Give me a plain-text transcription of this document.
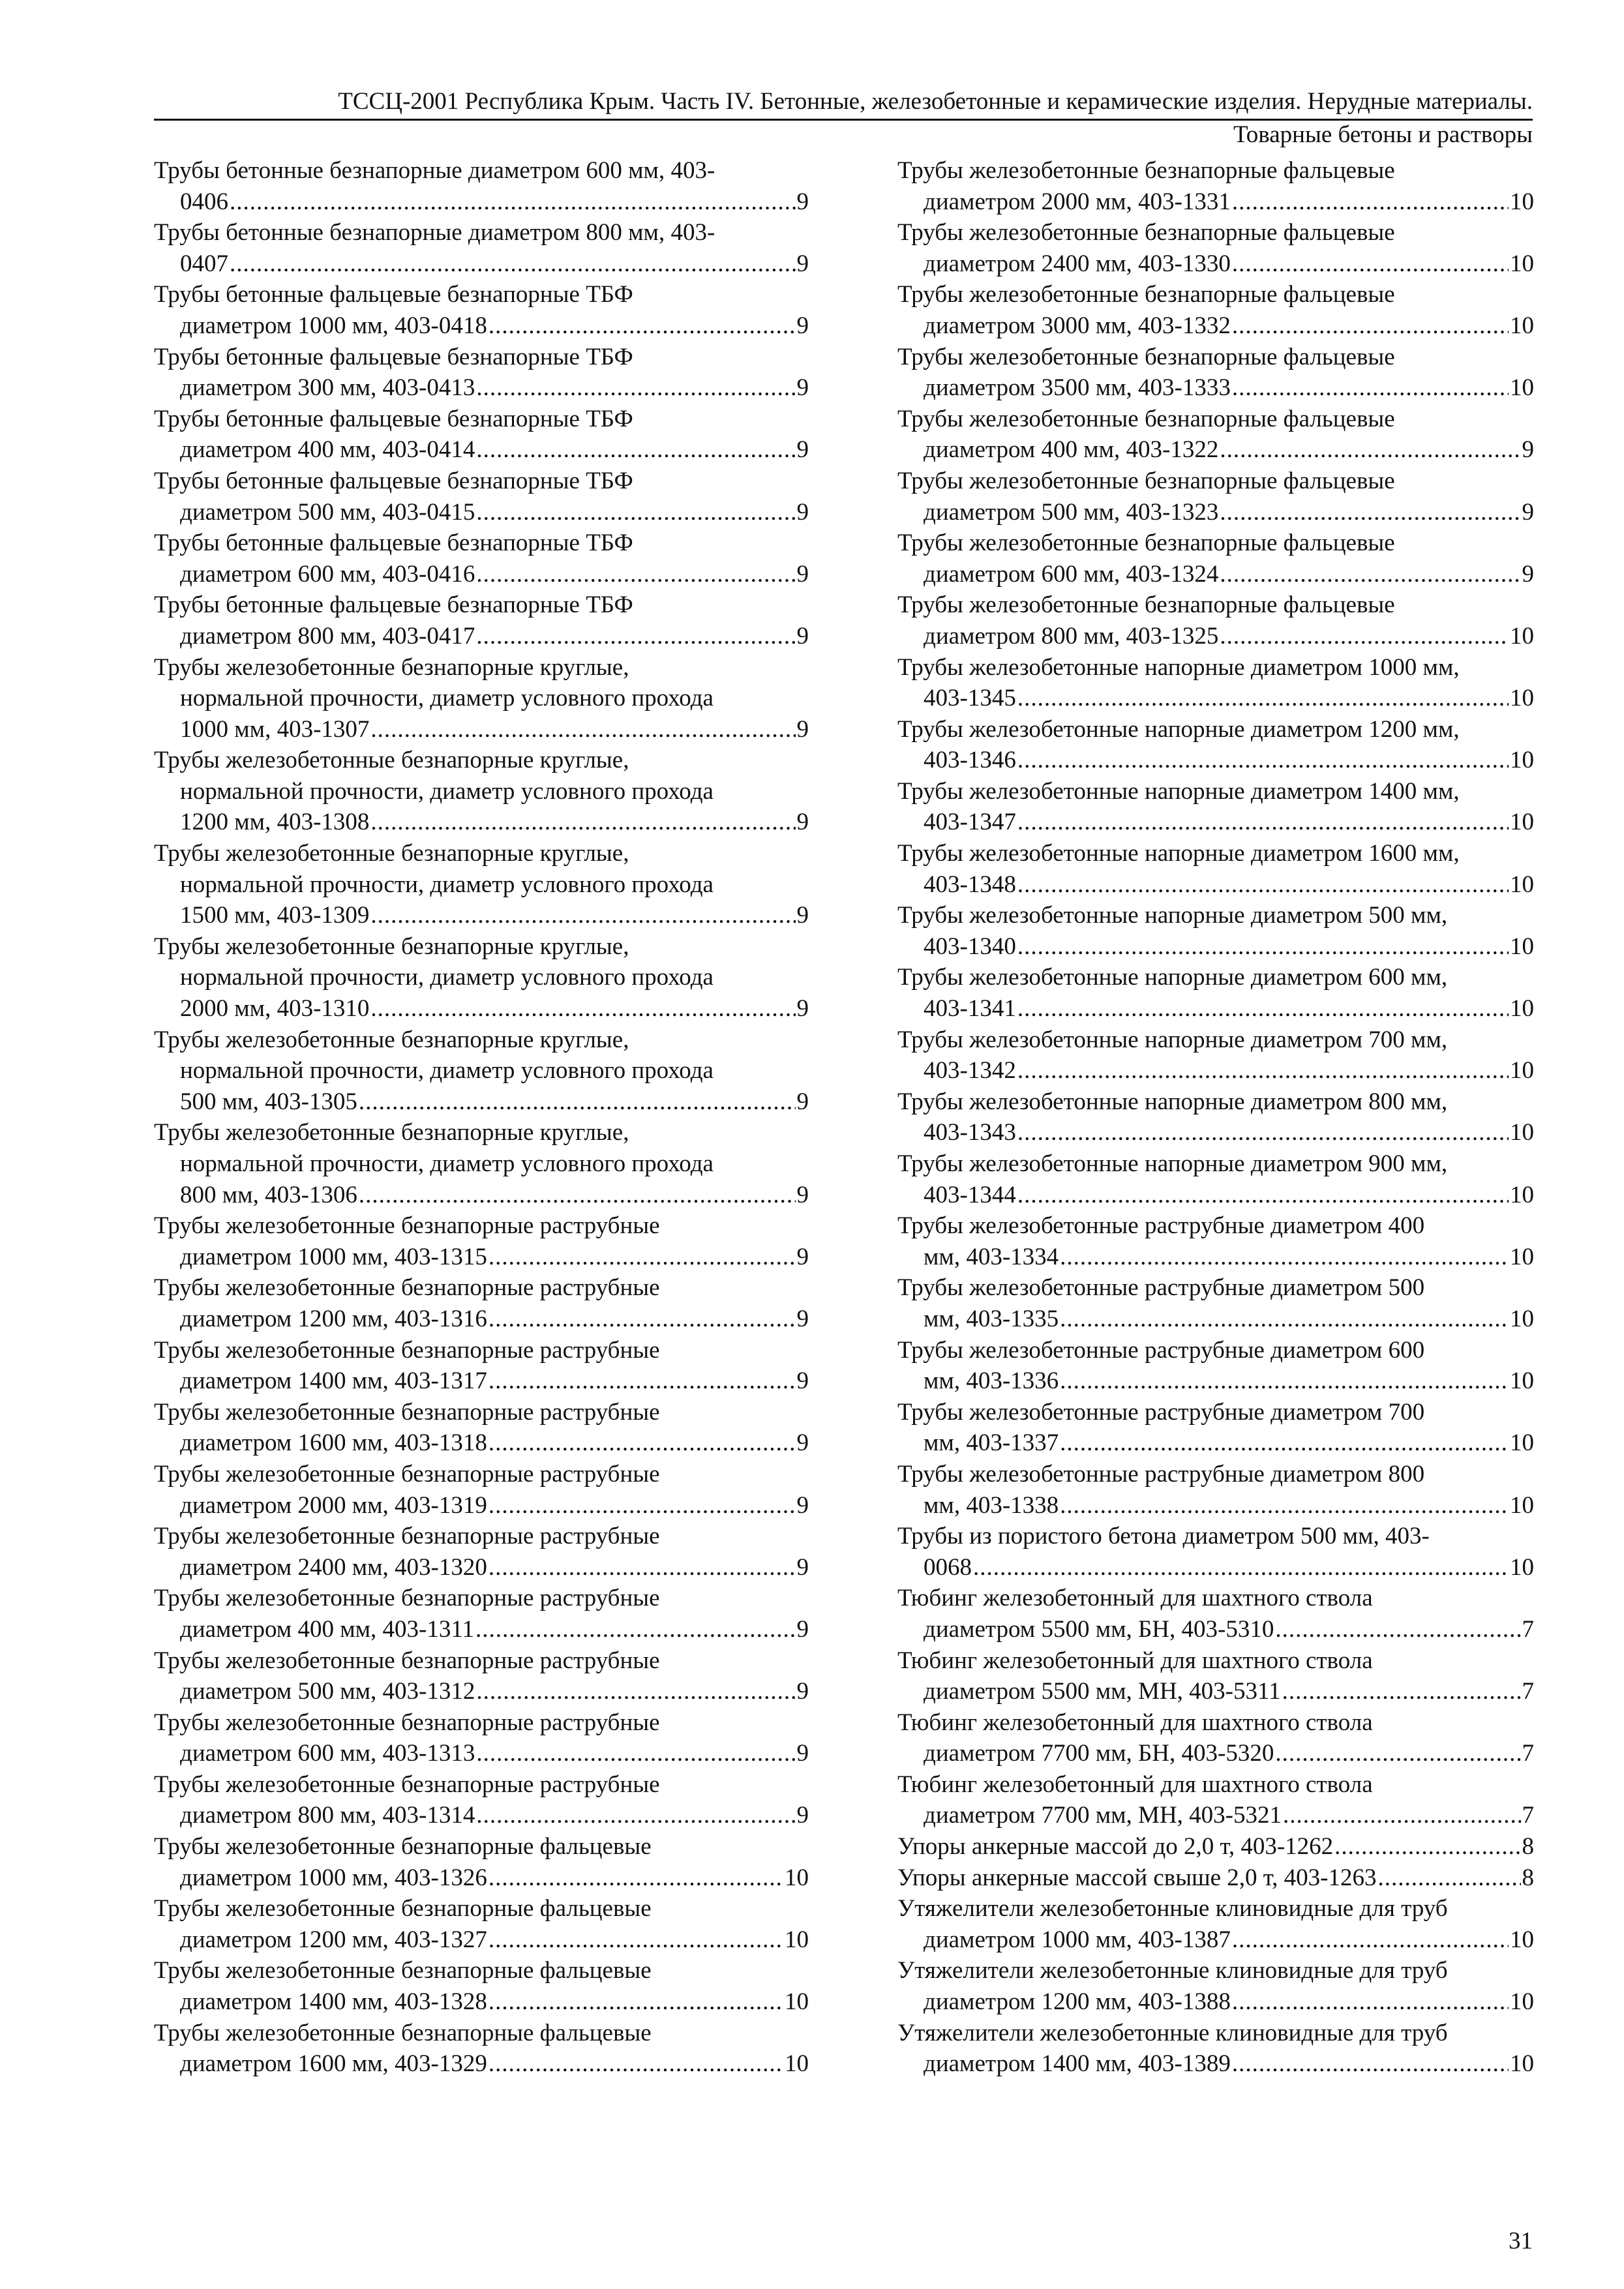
ТССЦ-2001 Республика Крым. Часть IV. Бетонные, железобетонные и керамические изделия. Нерудные материалы.
Товарные бетоны и растворы
Трубы бетонные безнапорные диаметром 600 мм, 403-
0406 .....	9
Трубы бетонные безнапорные диаметром 800 мм, 403-
0407 .....	9
Трубы бетонные фальцевые безнапорные ТБФ
диаметром 1000 мм, 403-0418 .....	9
Трубы бетонные фальцевые безнапорные ТБФ
диаметром 300 мм, 403-0413 .....	9
Трубы бетонные фальцевые безнапорные ТБФ
диаметром 400 мм, 403-0414 .....	9
Трубы бетонные фальцевые безнапорные ТБФ
диаметром 500 мм, 403-0415 .....	9
Трубы бетонные фальцевые безнапорные ТБФ
диаметром 600 мм, 403-0416 .....	9
Трубы бетонные фальцевые безнапорные ТБФ
диаметром 800 мм, 403-0417 .....	9
Трубы железобетонные безнапорные круглые,
нормальной прочности, диаметр условного прохода
1000 мм, 403-1307 .....	9
Трубы железобетонные безнапорные круглые,
нормальной прочности, диаметр условного прохода
1200 мм, 403-1308 .....	9
Трубы железобетонные безнапорные круглые,
нормальной прочности, диаметр условного прохода
1500 мм, 403-1309 .....	9
Трубы железобетонные безнапорные круглые,
нормальной прочности, диаметр условного прохода
2000 мм, 403-1310 .....	9
Трубы железобетонные безнапорные круглые,
нормальной прочности, диаметр условного прохода
500 мм, 403-1305 .....	9
Трубы железобетонные безнапорные круглые,
нормальной прочности, диаметр условного прохода
800 мм, 403-1306 .....	9
Трубы железобетонные безнапорные раструбные
диаметром 1000 мм, 403-1315 .....	9
Трубы железобетонные безнапорные раструбные
диаметром 1200 мм, 403-1316 .....	9
Трубы железобетонные безнапорные раструбные
диаметром 1400 мм, 403-1317 .....	9
Трубы железобетонные безнапорные раструбные
диаметром 1600 мм, 403-1318 .....	9
Трубы железобетонные безнапорные раструбные
диаметром 2000 мм, 403-1319 .....	9
Трубы железобетонные безнапорные раструбные
диаметром 2400 мм, 403-1320 .....	9
Трубы железобетонные безнапорные раструбные
диаметром 400 мм, 403-1311 .....	9
Трубы железобетонные безнапорные раструбные
диаметром 500 мм, 403-1312 .....	9
Трубы железобетонные безнапорные раструбные
диаметром 600 мм, 403-1313 .....	9
Трубы железобетонные безнапорные раструбные
диаметром 800 мм, 403-1314 .....	9
Трубы железобетонные безнапорные фальцевые
диаметром 1000 мм, 403-1326 .....	10
Трубы железобетонные безнапорные фальцевые
диаметром 1200 мм, 403-1327 .....	10
Трубы железобетонные безнапорные фальцевые
диаметром 1400 мм, 403-1328 .....	10
Трубы железобетонные безнапорные фальцевые
диаметром 1600 мм, 403-1329 .....	10
Трубы железобетонные безнапорные фальцевые
диаметром 2000 мм, 403-1331 .....	10
Трубы железобетонные безнапорные фальцевые
диаметром 2400 мм, 403-1330 .....	10
Трубы железобетонные безнапорные фальцевые
диаметром 3000 мм, 403-1332 .....	10
Трубы железобетонные безнапорные фальцевые
диаметром 3500 мм, 403-1333 .....	10
Трубы железобетонные безнапорные фальцевые
диаметром 400 мм, 403-1322 .....	9
Трубы железобетонные безнапорные фальцевые
диаметром 500 мм, 403-1323 .....	9
Трубы железобетонные безнапорные фальцевые
диаметром 600 мм, 403-1324 .....	9
Трубы железобетонные безнапорные фальцевые
диаметром 800 мм, 403-1325 .....	10
Трубы железобетонные напорные диаметром 1000 мм,
403-1345 .....	10
Трубы железобетонные напорные диаметром 1200 мм,
403-1346 .....	10
Трубы железобетонные напорные диаметром 1400 мм,
403-1347 .....	10
Трубы железобетонные напорные диаметром 1600 мм,
403-1348 .....	10
Трубы железобетонные напорные диаметром 500 мм,
403-1340 .....	10
Трубы железобетонные напорные диаметром 600 мм,
403-1341 .....	10
Трубы железобетонные напорные диаметром 700 мм,
403-1342 .....	10
Трубы железобетонные напорные диаметром 800 мм,
403-1343 .....	10
Трубы железобетонные напорные диаметром 900 мм,
403-1344 .....	10
Трубы железобетонные раструбные диаметром 400
мм, 403-1334 .....	10
Трубы железобетонные раструбные диаметром 500
мм, 403-1335 .....	10
Трубы железобетонные раструбные диаметром 600
мм, 403-1336 .....	10
Трубы железобетонные раструбные диаметром 700
мм, 403-1337 .....	10
Трубы железобетонные раструбные диаметром 800
мм, 403-1338 .....	10
Трубы из пористого бетона диаметром 500 мм, 403-
0068 .....	10
Тюбинг железобетонный для шахтного ствола
диаметром 5500 мм, БН, 403-5310 .....	7
Тюбинг железобетонный для шахтного ствола
диаметром 5500 мм, МН, 403-5311 .....	7
Тюбинг железобетонный для шахтного ствола
диаметром 7700 мм, БН, 403-5320 .....	7
Тюбинг железобетонный для шахтного ствола
диаметром 7700 мм, МН, 403-5321 .....	7
Упоры анкерные массой до 2,0 т, 403-1262 .....	8
Упоры анкерные массой свыше 2,0 т, 403-1263 .....	8
Утяжелители железобетонные клиновидные для труб
диаметром 1000 мм, 403-1387 .....	10
Утяжелители железобетонные клиновидные для труб
диаметром 1200 мм, 403-1388 .....	10
Утяжелители железобетонные клиновидные для труб
диаметром 1400 мм, 403-1389 .....	10
31
